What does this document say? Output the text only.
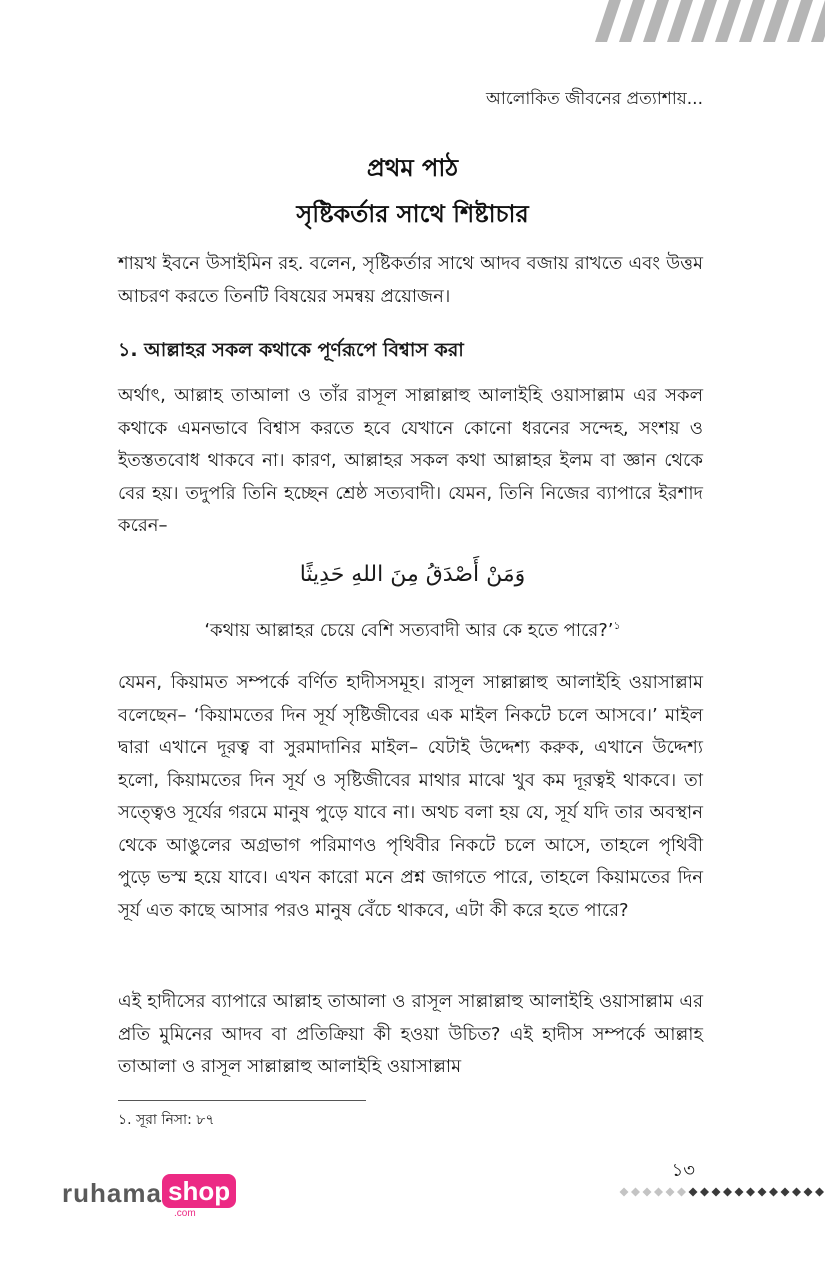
আলোকিত জীবনের প্রত্যাশায়...
প্রথম পাঠ
সৃষ্টিকর্তার সাথে শিষ্টাচার
শায়খ ইবনে উসাইমিন রহ. বলেন, সৃষ্টিকর্তার সাথে আদব বজায় রাখতে এবং উত্তম আচরণ করতে তিনটি বিষয়ের সমন্বয় প্রয়োজন।
১. আল্লাহর সকল কথাকে পূর্ণরূপে বিশ্বাস করা
অর্থাৎ, আল্লাহ তাআলা ও তাঁর রাসূল সাল্লাল্লাহু আলাইহি ওয়াসাল্লাম এর সকল কথাকে এমনভাবে বিশ্বাস করতে হবে যেখানে কোনো ধরনের সন্দেহ, সংশয় ও ইতস্ততবোধ থাকবে না। কারণ, আল্লাহর সকল কথা আল্লাহর ইলম বা জ্ঞান থেকে বের হয়। তদুপরি তিনি হচ্ছেন শ্রেষ্ঠ সত্যবাদী। যেমন, তিনি নিজের ব্যাপারে ইরশাদ করেন–
وَمَنْ أَصْدَقُ مِنَ اللهِ حَدِيثًا
‘কথায় আল্লাহর চেয়ে বেশি সত্যবাদী আর কে হতে পারে?’$^১$
যেমন, কিয়ামত সম্পর্কে বর্ণিত হাদীসসমূহ। রাসূল সাল্লাল্লাহু আলাইহি ওয়াসাল্লাম বলেছেন– ‘কিয়ামতের দিন সূর্য সৃষ্টিজীবের এক মাইল নিকটে চলে আসবে।’ মাইল দ্বারা এখানে দূরত্ব বা সুরমাদানির মাইল– যেটাই উদ্দেশ্য করুক, এখানে উদ্দেশ্য হলো, কিয়ামতের দিন সূর্য ও সৃষ্টিজীবের মাথার মাঝে খুব কম দূরত্বই থাকবে। তা সত্ত্বেও সূর্যের গরমে মানুষ পুড়ে যাবে না। অথচ বলা হয় যে, সূর্য যদি তার অবস্থান থেকে আঙুলের অগ্রভাগ পরিমাণও পৃথিবীর নিকটে চলে আসে, তাহলে পৃথিবী পুড়ে ভস্ম হয়ে যাবে। এখন কারো মনে প্রশ্ন জাগতে পারে, তাহলে কিয়ামতের দিন সূর্য এত কাছে আসার পরও মানুষ বেঁচে থাকবে, এটা কী করে হতে পারে?
এই হাদীসের ব্যাপারে আল্লাহ তাআলা ও রাসূল সাল্লাল্লাহু আলাইহি ওয়াসাল্লাম এর প্রতি মুমিনের আদব বা প্রতিক্রিয়া কী হওয়া উচিত? এই হাদীস সম্পর্কে আল্লাহ তাআলা ও রাসূল সাল্লাল্লাহু আলাইহি ওয়াসাল্লাম
১. সূরা নিসা: ৮৭
১৩
ruhama shop
.com
